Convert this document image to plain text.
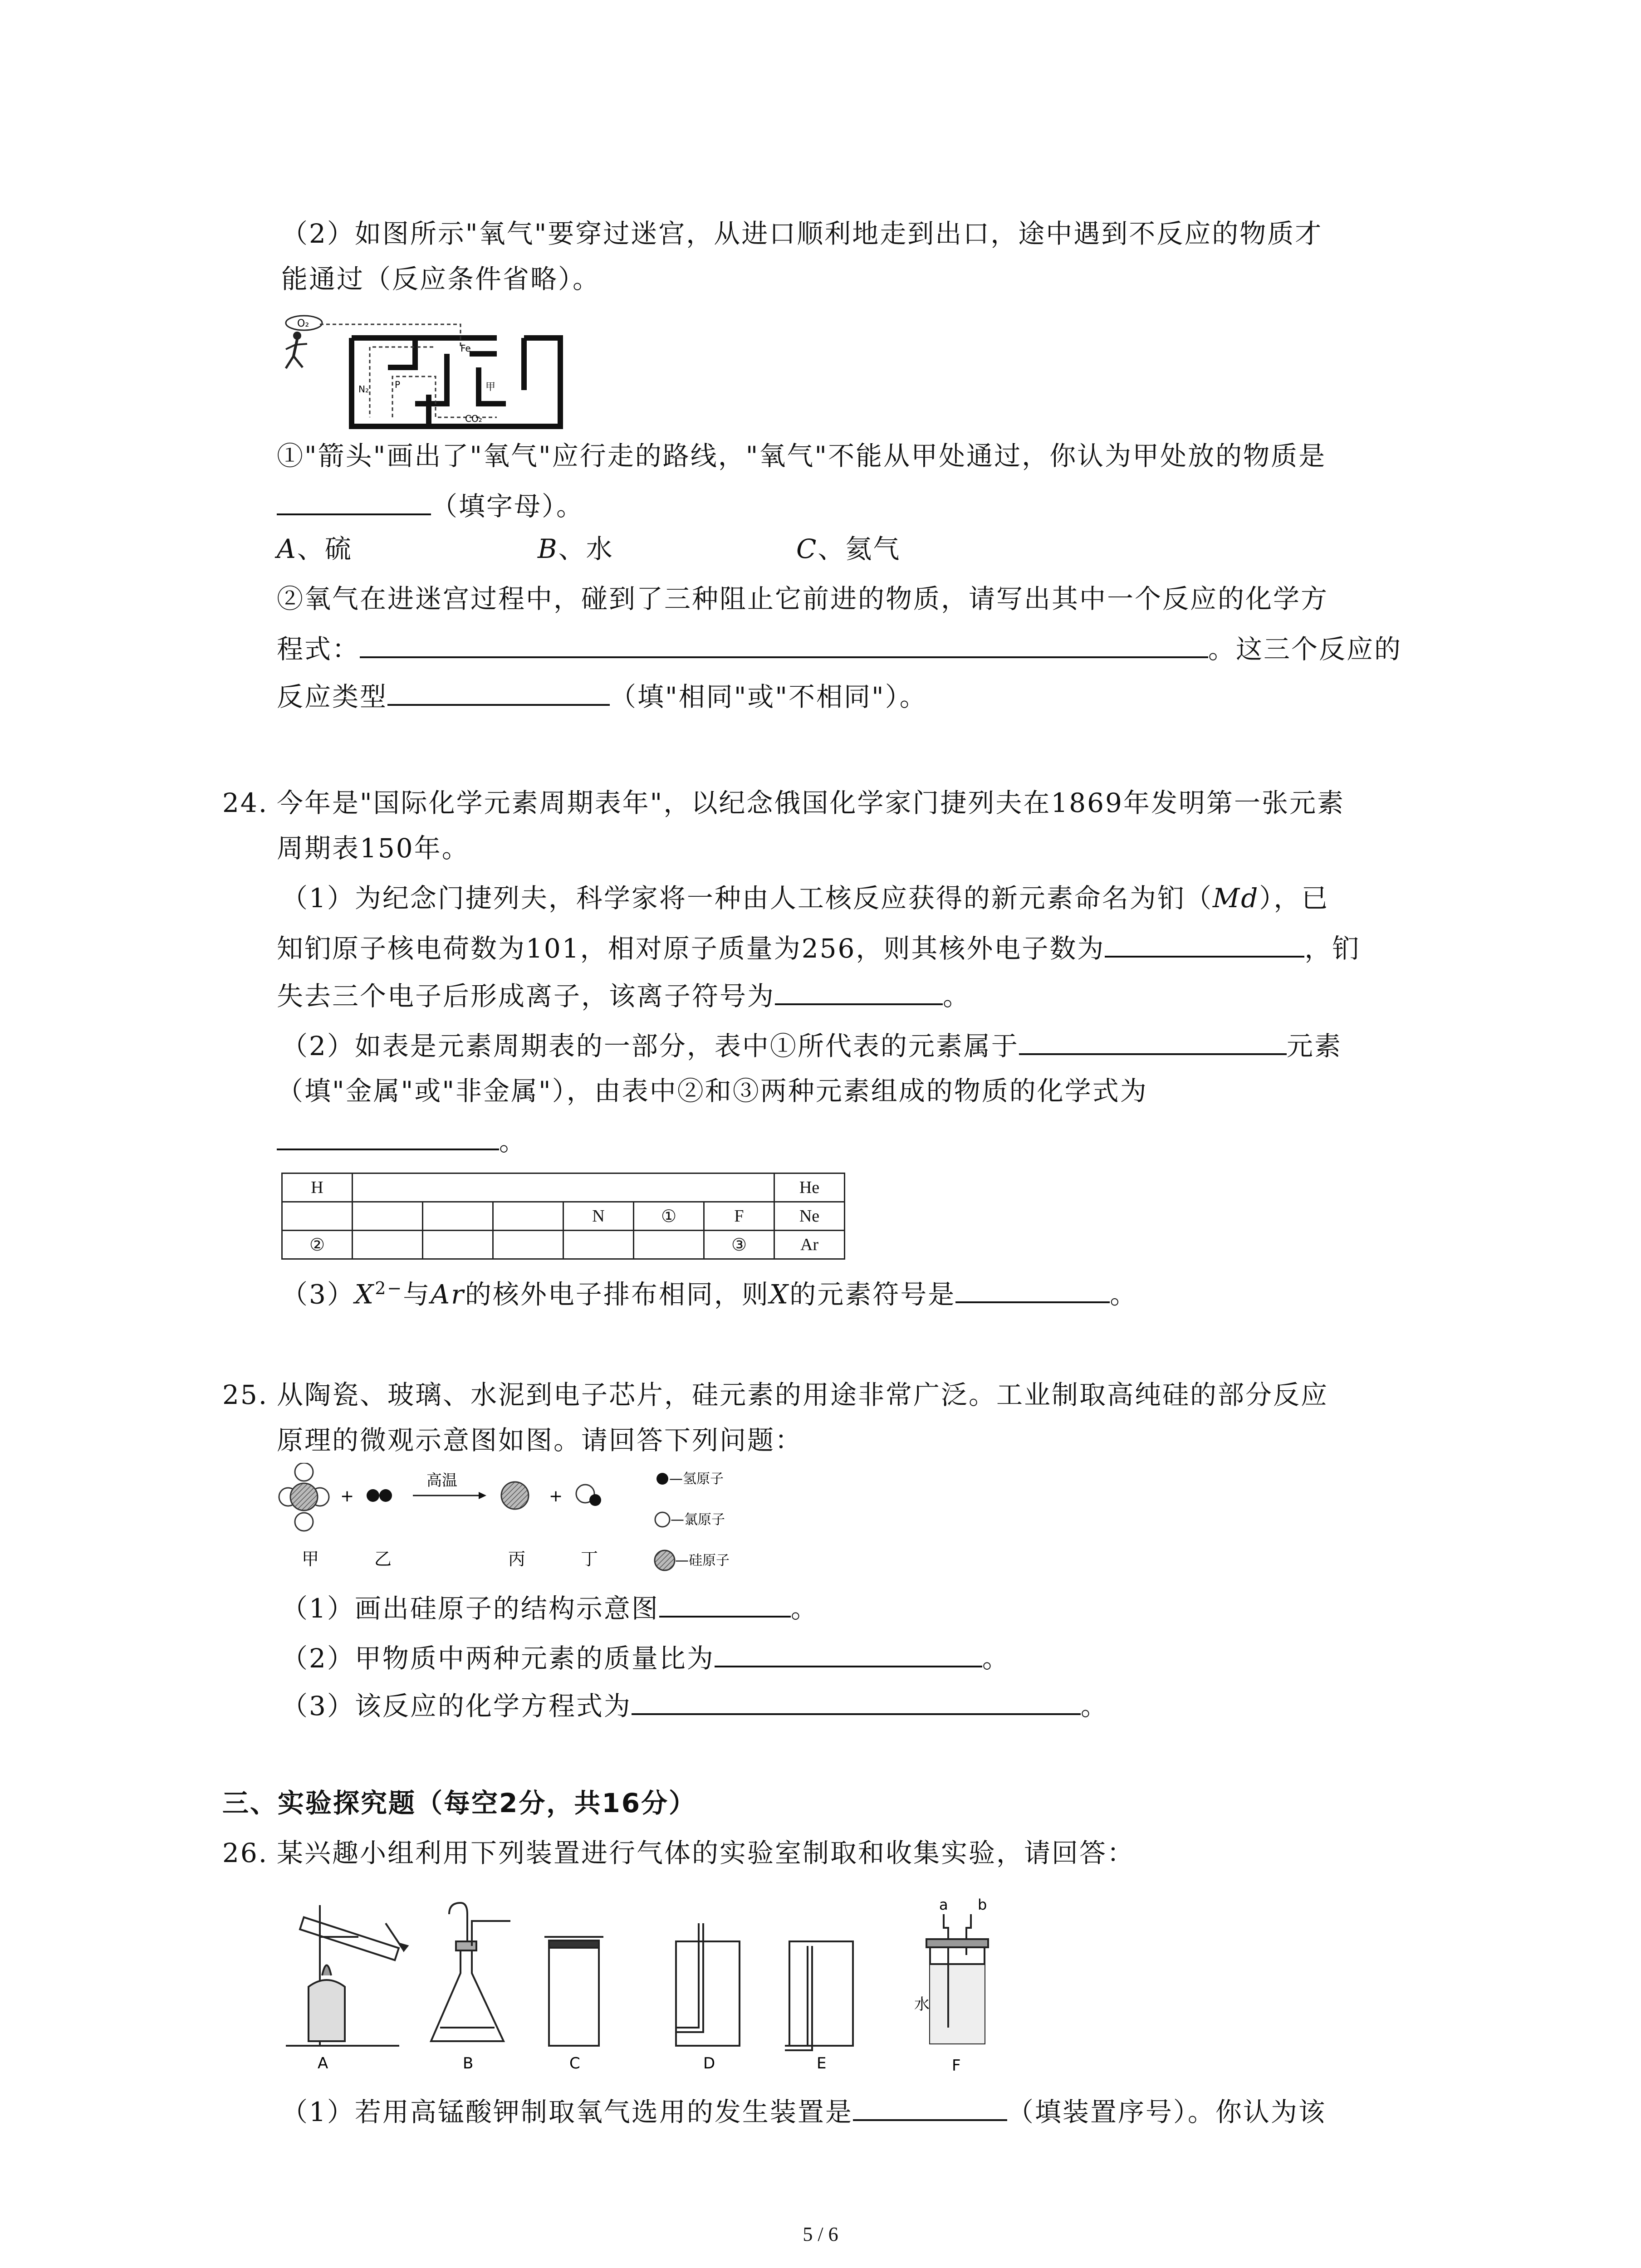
（2）如图所示"氧气"要穿过迷宫，从进口顺利地走到出口，途中遇到不反应的物质才
能通过（反应条件省略）。
O₂
Fe
N₂	P	甲
CO₂
①"箭头"画出了"氧气"应行走的路线，"氧气"不能从甲处通过，你认为甲处放的物质是
（填字母）。
A、硫	B、水	C、氦气
②氧气在进迷宫过程中，碰到了三种阻止它前进的物质，请写出其中一个反应的化学方
程式：	。这三个反应的
反应类型	（填"相同"或"不相同"）。
24. 今年是"国际化学元素周期表年"，以纪念俄国化学家门捷列夫在1869年发明第一张元素
周期表150年。
（1）为纪念门捷列夫，科学家将一种由人工核反应获得的新元素命名为钔（Md），已
知钔原子核电荷数为101，相对原子质量为256，则其核外电子数为	，钔
失去三个电子后形成离子，该离子符号为	。
（2）如表是元素周期表的一部分，表中①所代表的元素属于	元素
（填"金属"或"非金属"），由表中②和③两种元素组成的物质的化学式为
。
H							He
				N	①	F	Ne
②						③	Ar
$(3)X^{2-}$与Ar的核外电子排布相同，则X的元素符号是	。
25. 从陶瓷、玻璃、水泥到电子芯片，硅元素的用途非常广泛。工业制取高纯硅的部分反应
原理的微观示意图如图。请回答下列问题：
+
高温
+
甲	乙	丙	丁
—氢原子
—氯原子
—硅原子
（1）画出硅原子的结构示意图	。
（2）甲物质中两种元素的质量比为	。
（3）该反应的化学方程式为	。
三、实验探究题（每空2分，共16分）
26. 某兴趣小组利用下列装置进行气体的实验室制取和收集实验，请回答：
水
a b
A	B	C	D	E	F
（1）若用高锰酸钾制取氧气选用的发生装置是	（填装置序号）。你认为该
5 / 6
